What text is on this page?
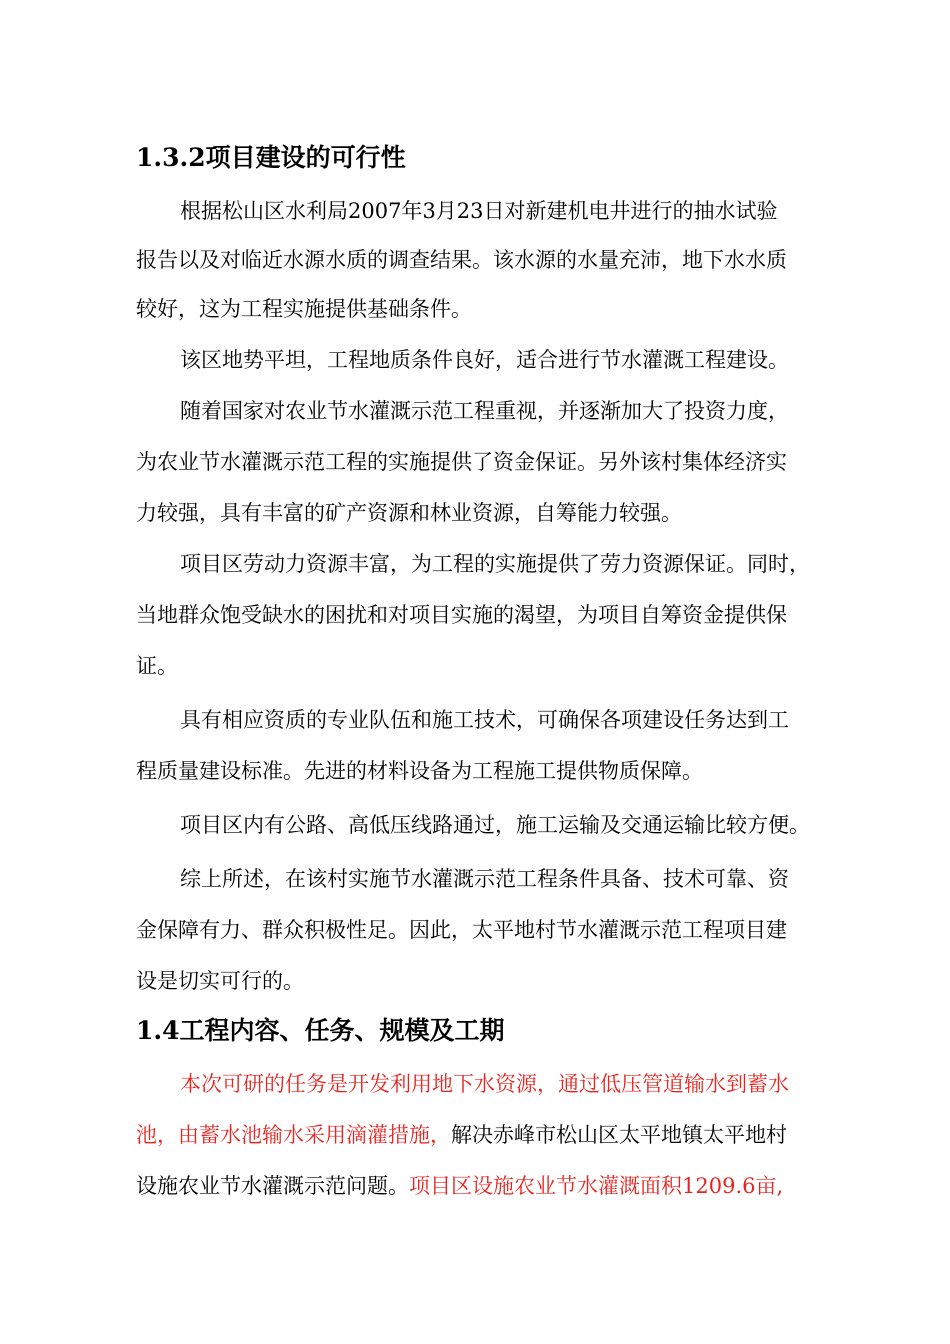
1.3.2项目建设的可行性
根据松山区水利局2007年3月23日对新建机电井进行的抽水试验
报告以及对临近水源水质的调查结果。该水源的水量充沛，地下水水质
较好，这为工程实施提供基础条件。
该区地势平坦，工程地质条件良好，适合进行节水灌溉工程建设。
随着国家对农业节水灌溉示范工程重视，并逐渐加大了投资力度，
为农业节水灌溉示范工程的实施提供了资金保证。另外该村集体经济实
力较强，具有丰富的矿产资源和林业资源，自筹能力较强。
项目区劳动力资源丰富，为工程的实施提供了劳力资源保证。同时，
当地群众饱受缺水的困扰和对项目实施的渴望，为项目自筹资金提供保
证。
具有相应资质的专业队伍和施工技术，可确保各项建设任务达到工
程质量建设标准。先进的材料设备为工程施工提供物质保障。
项目区内有公路、高低压线路通过，施工运输及交通运输比较方便。
综上所述，在该村实施节水灌溉示范工程条件具备、技术可靠、资
金保障有力、群众积极性足。因此，太平地村节水灌溉示范工程项目建
设是切实可行的。
1.4工程内容、任务、规模及工期
本次可研的任务是开发利用地下水资源，通过低压管道输水到蓄水
池，由蓄水池输水采用滴灌措施，解决赤峰市松山区太平地镇太平地村
设施农业节水灌溉示范问题。项目区设施农业节水灌溉面积1209.6亩,
